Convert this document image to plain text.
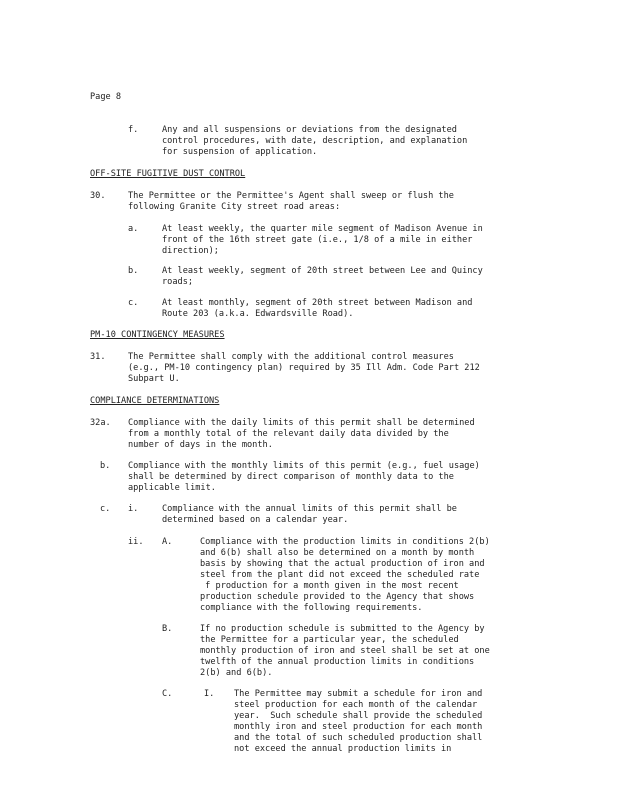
Page 8
f.	Any and all suspensions or deviations from the designated
control procedures, with date, description, and explanation
for suspension of application.
OFF-SITE FUGITIVE DUST CONTROL
30.	The Permittee or the Permittee's Agent shall sweep or flush the
following Granite City street road areas:
a.	At least weekly, the quarter mile segment of Madison Avenue in
front of the 16th street gate (i.e., 1/8 of a mile in either
direction);
b.	At least weekly, segment of 20th street between Lee and Quincy
roads;
c.	At least monthly, segment of 20th street between Madison and
Route 203 (a.k.a. Edwardsville Road).
PM-10 CONTINGENCY MEASURES
31.	The Permittee shall comply with the additional control measures
(e.g., PM-10 contingency plan) required by 35 Ill Adm. Code Part 212
Subpart U.
COMPLIANCE DETERMINATIONS
32a. Compliance with the daily limits of this permit shall be determined
from a monthly total of the relevant daily data divided by the
number of days in the month.
b. Compliance with the monthly limits of this permit (e.g., fuel usage)
shall be determined by direct comparison of monthly data to the
applicable limit.
c. i.	Compliance with the annual limits of this permit shall be
determined based on a calendar year.
ii. A.	Compliance with the production limits in conditions 2(b)
and 6(b) shall also be determined on a month by month
basis by showing that the actual production of iron and
steel from the plant did not exceed the scheduled rate
f production for a month given in the most recent
production schedule provided to the Agency that shows
compliance with the following requirements.
B.	If no production schedule is submitted to the Agency by
the Permittee for a particular year, the scheduled
monthly production of iron and steel shall be set at one
twelfth of the annual production limits in conditions
2(b) and 6(b).
C.	I. The Permittee may submit a schedule for iron and
steel production for each month of the calendar
year.  Such schedule shall provide the scheduled
monthly iron and steel production for each month
and the total of such scheduled production shall
not exceed the annual production limits in
